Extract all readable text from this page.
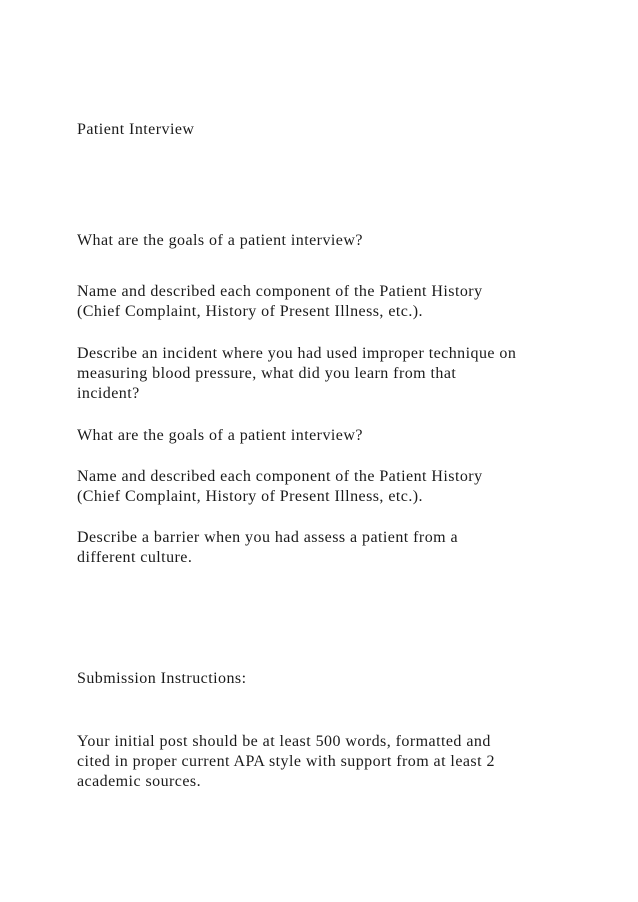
Patient Interview

What are the goals of a patient interview?

Name and described each component of the Patient History

(Chief Complaint, History of Present Illness, etc.).

Describe an incident where you had used improper technique on

measuring blood pressure, what did you learn from that

incident?

What are the goals of a patient interview?

Name and described each component of the Patient History

(Chief Complaint, History of Present Illness, etc.).

Describe a barrier when you had assess a patient from a

different culture.

Submission Instructions:

Your initial post should be at least 500 words, formatted and

cited in proper current APA style with support from at least 2

academic sources.
